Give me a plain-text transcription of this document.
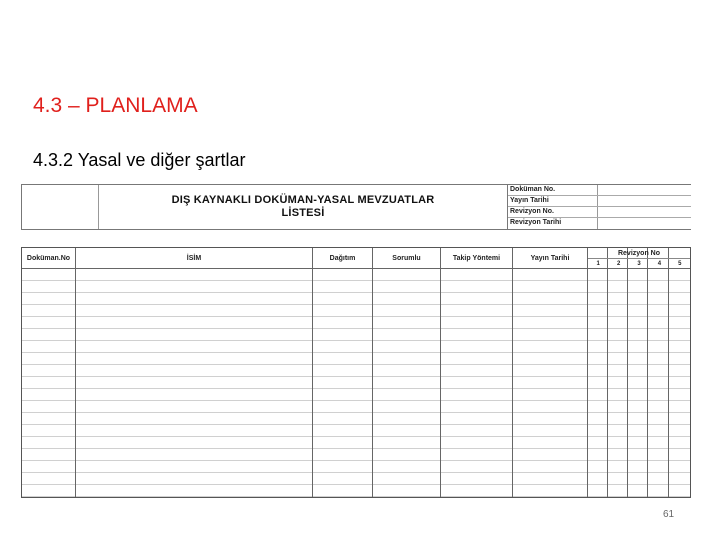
4.3 – PLANLAMA
4.3.2 Yasal ve diğer şartlar
DIŞ KAYNAKLI DOKÜMAN-YASAL MEVZUATLAR
LİSTESİ
Doküman No.
Yayın Tarihi
Revizyon No.
Revizyon Tarihi
Doküman.No	İSİM	Dağıtım	Sorumlu	Takip Yöntemi	Yayın Tarihi
Revizyon No
1	2	3	4	5
61
